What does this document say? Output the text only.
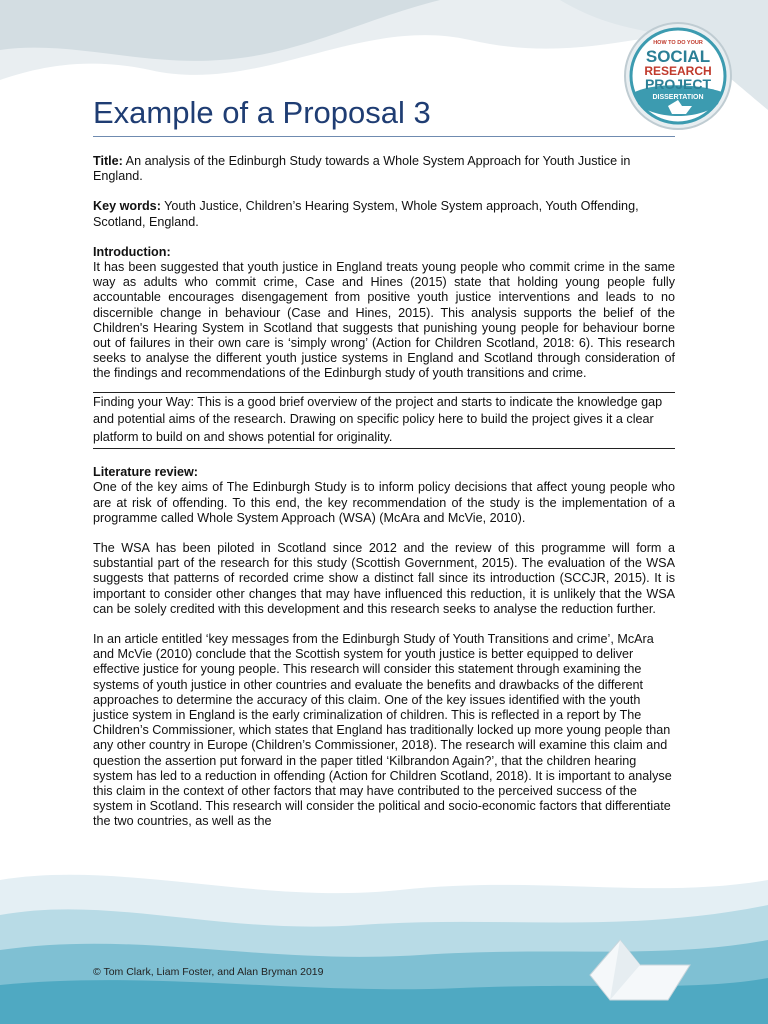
HOW TO DO YOUR
SOCIAL
RESEARCH
PROJECT
DISSERTATION
Example of a Proposal 3

Title: An analysis of the Edinburgh Study towards a Whole System Approach for Youth Justice in England.

Key words: Youth Justice, Children’s Hearing System, Whole System approach, Youth Offending, Scotland, England.

Introduction:

It has been suggested that youth justice in England treats young people who commit crime in the same way as adults who commit crime, Case and Hines (2015) state that holding young people fully accountable encourages disengagement from positive youth justice interventions and leads to no discernible change in behaviour (Case and Hines, 2015). This analysis supports the belief of the Children's Hearing System in Scotland that suggests that punishing young people for behaviour borne out of failures in their own care is ‘simply wrong’ (Action for Children Scotland, 2018: 6). This research seeks to analyse the different youth justice systems in England and Scotland through consideration of the findings and recommendations of the Edinburgh study of youth transitions and crime.

Finding your Way: This is a good brief overview of the project and starts to indicate the knowledge gap and potential aims of the research. Drawing on specific policy here to build the project gives it a clear platform to build on and shows potential for originality.
Literature review:

One of the key aims of The Edinburgh Study is to inform policy decisions that affect young people who are at risk of offending. To this end, the key recommendation of the study is the implementation of a programme called Whole System Approach (WSA) (McAra and McVie, 2010).

The WSA has been piloted in Scotland since 2012 and the review of this programme will form a substantial part of the research for this study (Scottish Government, 2015). The evaluation of the WSA suggests that patterns of recorded crime show a distinct fall since its introduction (SCCJR, 2015). It is important to consider other changes that may have influenced this reduction, it is unlikely that the WSA can be solely credited with this development and this research seeks to analyse the reduction further.

In an article entitled ‘key messages from the Edinburgh Study of Youth Transitions and crime’, McAra and McVie (2010) conclude that the Scottish system for youth justice is better equipped to deliver effective justice for young people. This research will consider this statement through examining the systems of youth justice in other countries and evaluate the benefits and drawbacks of the different approaches to determine the accuracy of this claim. One of the key issues identified with the youth justice system in England is the early criminalization of children. This is reflected in a report by The Children’s Commissioner, which states that England has traditionally locked up more young people than any other country in Europe (Children’s Commissioner, 2018). The research will examine this claim and question the assertion put forward in the paper titled ‘Kilbrandon Again?’, that the children hearing system has led to a reduction in offending (Action for Children Scotland, 2018). It is important to analyse this claim in the context of other factors that may have contributed to the perceived success of the system in Scotland. This research will consider the political and socio-economic factors that differentiate the two countries, as well as the

© Tom Clark, Liam Foster, and Alan Bryman 2019
